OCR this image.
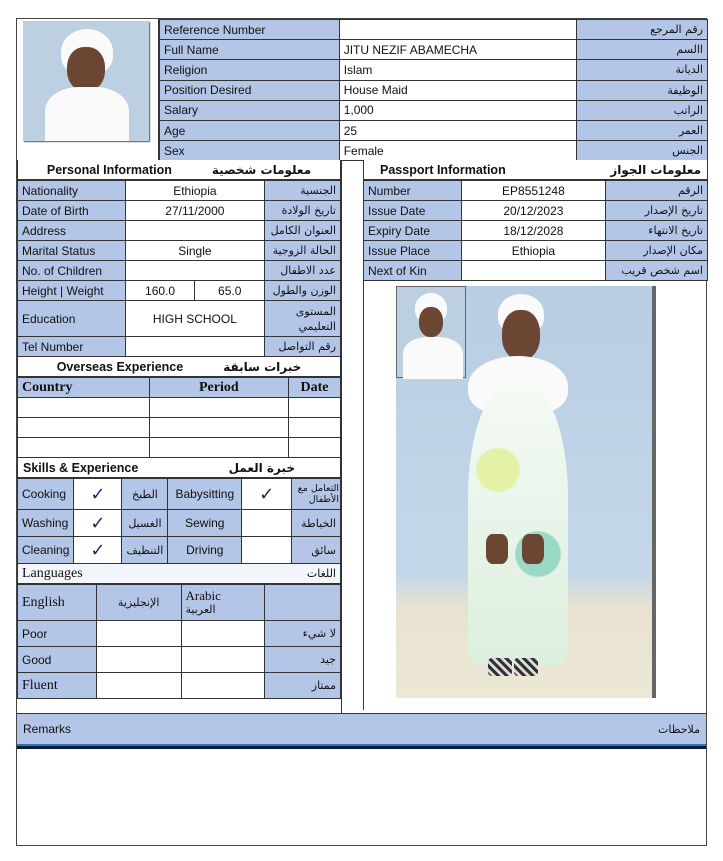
Reference Number		رقم المرجع
Full Name	JITU NEZIF ABAMECHA	االسم
Religion	Islam	الديانة
Position Desired	House Maid	الوظيفة
Salary	1,000	الراتب
Age	25	العمر
Sex	Female	الجنس
Personal Information	معلومات شخصية
Nationality	Ethiopia		الجنسية
Date of Birth	27/11/2000		تاريخ الولادة
Address			العنوان الكامل
Marital Status	Single		الحالة الزوجية
No. of Children			عدد الاطفال
Height | Weight	160.0	65.0	الوزن والطول
Education	HIGH SCHOOL		المستوى التعليمي
Tel Number			رقم التواصل
Overseas Experience	خبرات سابقة
Country	Period	Date

Skills & Experience	خبرة العمل
Cooking	✓	الطبخ	Babysitting	✓	التعامل مع الأطفال
Washing	✓	الغسيل	Sewing		الخياطة
Cleaning	✓	التنظيف	Driving		سائق
Languages	اللغات
English	الإنجليزية	Arabic

العربية	

Poor			لا شيء
Good			جيد
Fluent			ممتاز
Passport Information	معلومات الجواز
Number	EP8551248	الرقم
Issue Date	20/12/2023	تاريخ الإصدار
Expiry Date	18/12/2028	تاريخ الانتهاء
Issue Place	Ethiopia	مكان الإصدار
Next of Kin		اسم شخص قريب
Remarks	ملاحظات
